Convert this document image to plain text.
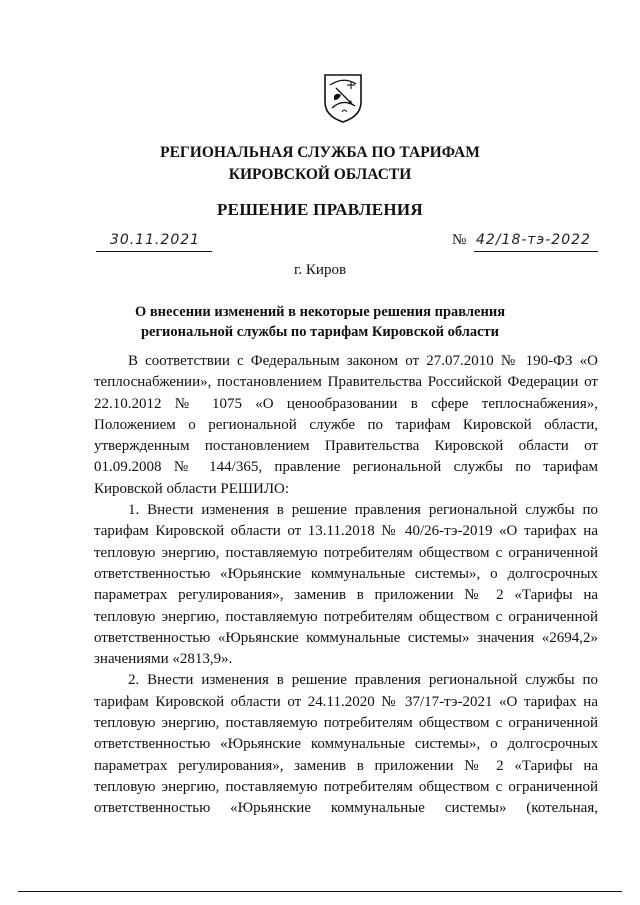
РЕГИОНАЛЬНАЯ СЛУЖБА ПО ТАРИФАМ
КИРОВСКОЙ ОБЛАСТИ
РЕШЕНИЕ ПРАВЛЕНИЯ
30.11.2021	№ 42/18-тэ-2022
г. Киров
О внесении изменений в некоторые решения правления
региональной службы по тарифам Кировской области

В соответствии с Федеральным законом от 27.07.2010 № 190-ФЗ «О

теплоснабжении», постановлением Правительства Российской Федерации от

22.10.2012 № 1075 «О ценообразовании в сфере теплоснабжения»,

Положением о региональной службе по тарифам Кировской области,

утвержденным постановлением Правительства Кировской области от

01.09.2008 № 144/365, правление региональной службы по тарифам

Кировской области РЕШИЛО:

1. Внести изменения в решение правления региональной службы по

тарифам Кировской области от 13.11.2018 № 40/26-тэ-2019 «О тарифах на

тепловую энергию, поставляемую потребителям обществом с ограниченной

ответственностью «Юрьянские коммунальные системы», о долгосрочных

параметрах регулирования», заменив в приложении № 2 «Тарифы на

тепловую энергию, поставляемую потребителям обществом с ограниченной

ответственностью «Юрьянские коммунальные системы» значения «2694,2»

значениями «2813,9».

2. Внести изменения в решение правления региональной службы по

тарифам Кировской области от 24.11.2020 № 37/17-тэ-2021 «О тарифах на

тепловую энергию, поставляемую потребителям обществом с ограниченной

ответственностью «Юрьянские коммунальные системы», о долгосрочных

параметрах регулирования», заменив в приложении № 2 «Тарифы на

тепловую энергию, поставляемую потребителям обществом с ограниченной

ответственностью «Юрьянские коммунальные системы» (котельная,
